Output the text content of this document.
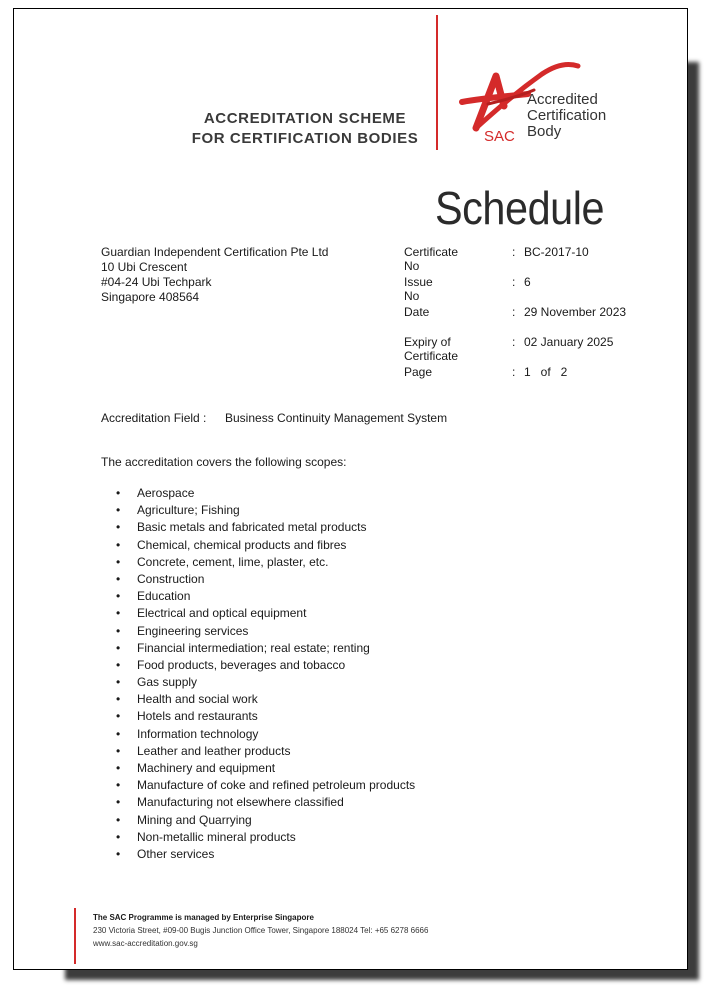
ACCREDITATION SCHEME
FOR CERTIFICATION BODIES
Accredited
Certification
Body
SAC
Schedule
Guardian Independent Certification Pte Ltd
10 Ubi Crescent
#04-24 Ubi Techpark
Singapore 408564
Certificate No
: BC-2017-10
Issue No
: 6
Date	: 29 November 2023
Expiry of Certificate
: 02 January 2025
Page	: 1   of   2
Accreditation Field : Business Continuity Management System
The accreditation covers the following scopes:
• Aerospace
• Agriculture; Fishing
• Basic metals and fabricated metal products
• Chemical, chemical products and fibres
• Concrete, cement, lime, plaster, etc.
• Construction
• Education
• Electrical and optical equipment
• Engineering services
• Financial intermediation; real estate; renting
• Food products, beverages and tobacco
• Gas supply
• Health and social work
• Hotels and restaurants
• Information technology
• Leather and leather products
• Machinery and equipment
• Manufacture of coke and refined petroleum products
• Manufacturing not elsewhere classified
• Mining and Quarrying
• Non-metallic mineral products
• Other services
The SAC Programme is managed by Enterprise Singapore
230 Victoria Street, #09-00 Bugis Junction Office Tower, Singapore 188024 Tel: +65 6278 6666
www.sac-accreditation.gov.sg
